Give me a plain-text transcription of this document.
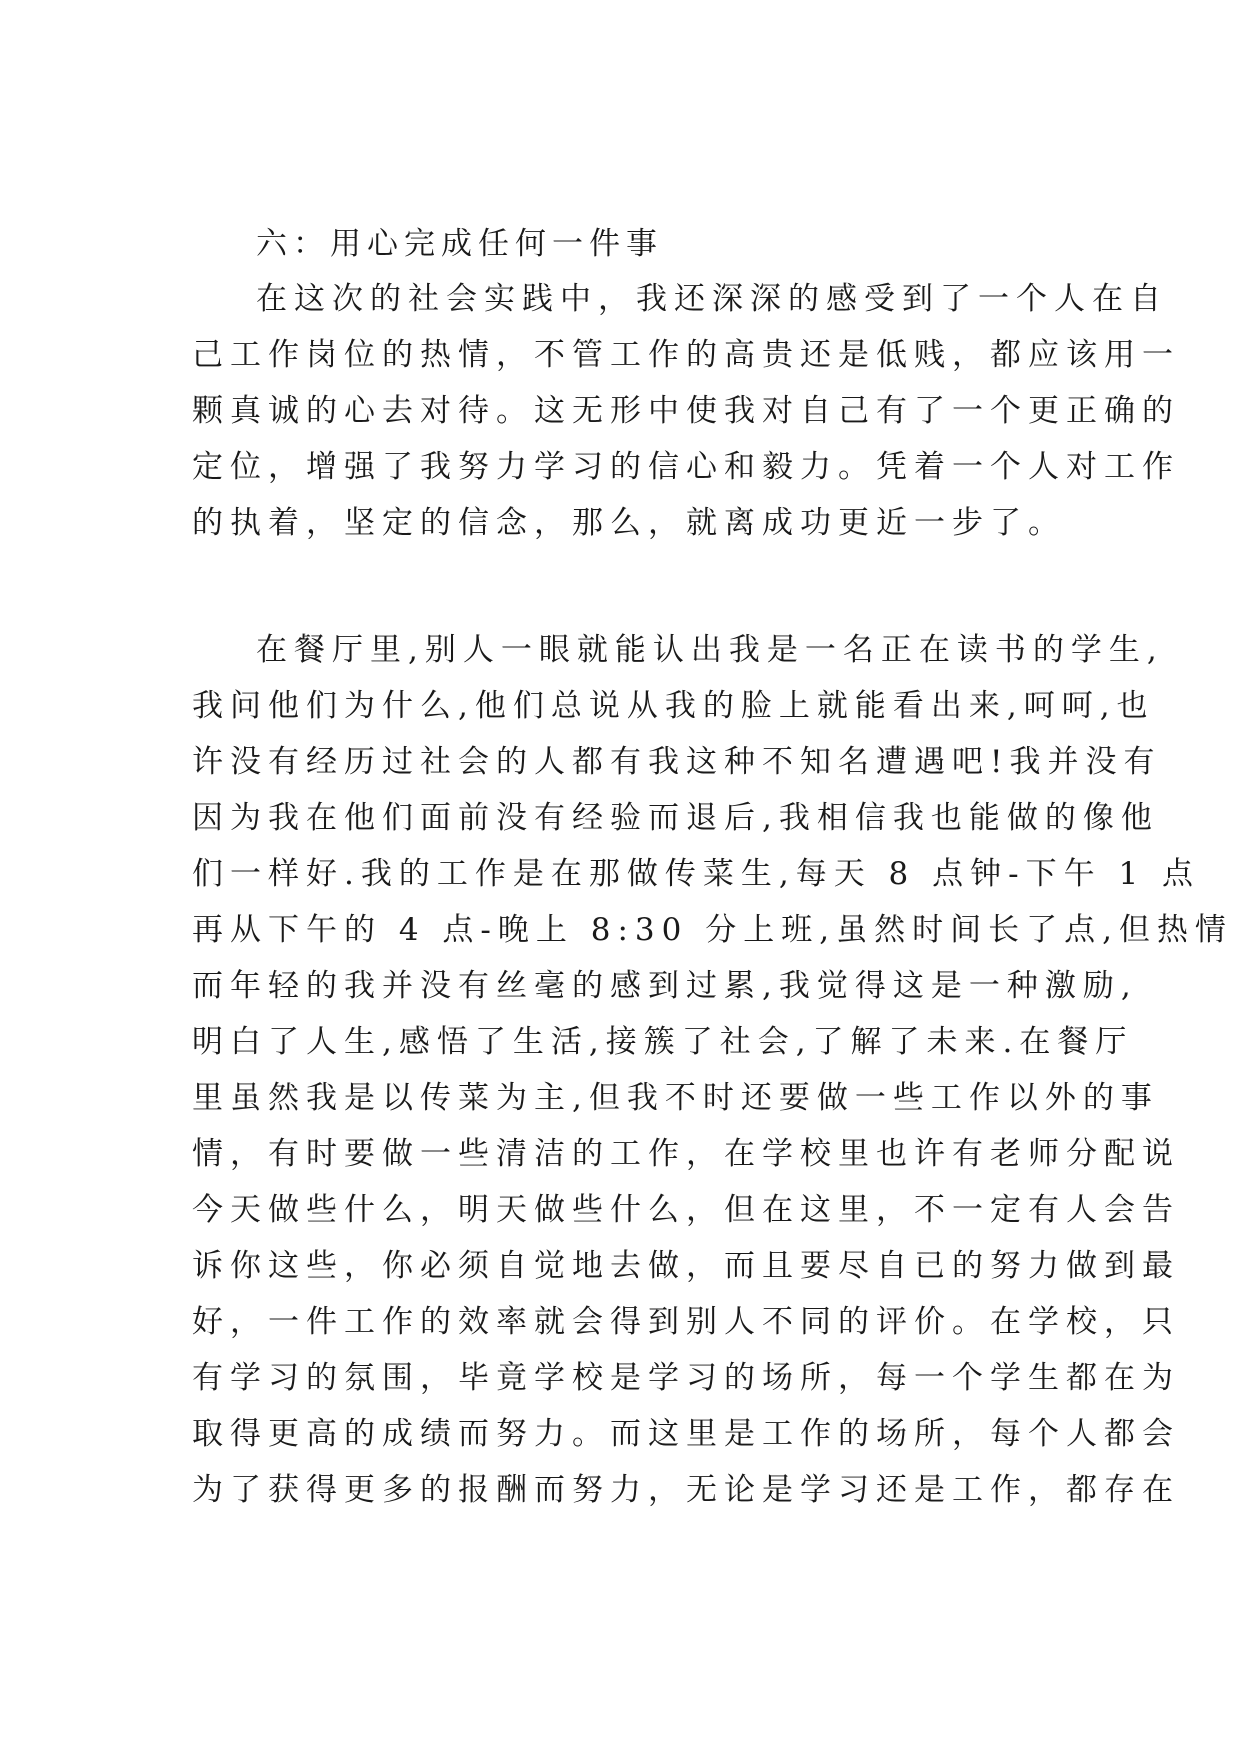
六：用心完成任何一件事
在这次的社会实践中，我还深深的感受到了一个人在自
己工作岗位的热情，不管工作的高贵还是低贱，都应该用一
颗真诚的心去对待。这无形中使我对自己有了一个更正确的
定位，增强了我努力学习的信心和毅力。凭着一个人对工作
的执着，坚定的信念，那么，就离成功更近一步了。
在餐厅里,别人一眼就能认出我是一名正在读书的学生,
我问他们为什么,他们总说从我的脸上就能看出来,呵呵,也
许没有经历过社会的人都有我这种不知名遭遇吧!我并没有
因为我在他们面前没有经验而退后,我相信我也能做的像他
们一样好.我的工作是在那做传菜生,每天 8 点钟-下午 1 点
再从下午的 4 点-晚上 8:30 分上班,虽然时间长了点,但热情
而年轻的我并没有丝毫的感到过累,我觉得这是一种激励,
明白了人生,感悟了生活,接簇了社会,了解了未来.在餐厅
里虽然我是以传菜为主,但我不时还要做一些工作以外的事
情，有时要做一些清洁的工作，在学校里也许有老师分配说
今天做些什么，明天做些什么，但在这里，不一定有人会告
诉你这些，你必须自觉地去做，而且要尽自已的努力做到最
好，一件工作的效率就会得到别人不同的评价。在学校，只
有学习的氛围，毕竟学校是学习的场所，每一个学生都在为
取得更高的成绩而努力。而这里是工作的场所，每个人都会
为了获得更多的报酬而努力，无论是学习还是工作，都存在
